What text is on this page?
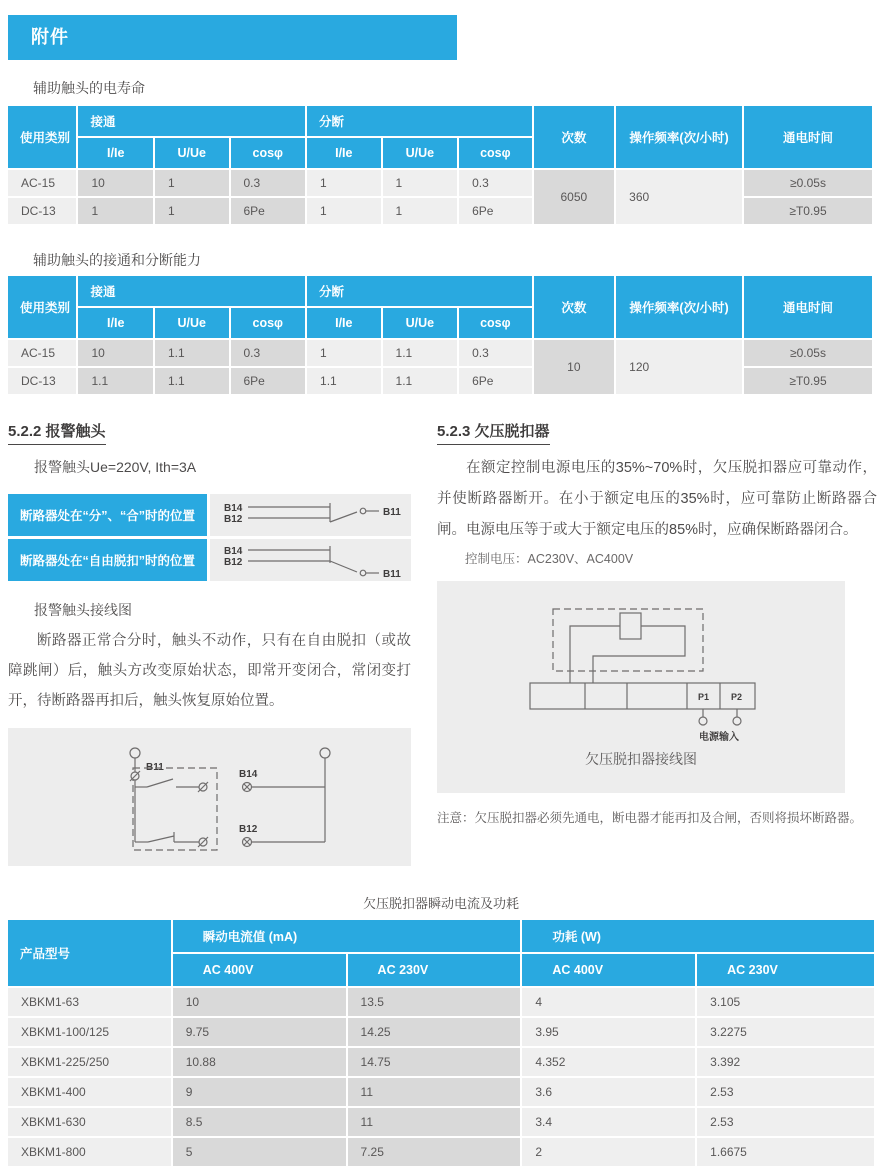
附件
辅助触头的电寿命
使用类别	接通			分断			次数	操作频率(次/小时)	通电时间
	I/Ie	U/Ue	cosφ	I/Ie	U/Ue	cosφ			
AC-15	10	1	0.3	1	1	0.3	6050	360	≥0.05s
DC-13	1	1	6Pe	1	1	6Pe			≥T0.95
辅助触头的接通和分断能力
使用类别	接通			分断			次数	操作频率(次/小时)	通电时间
	I/Ie	U/Ue	cosφ	I/Ie	U/Ue	cosφ			
AC-15	10	1.1	0.3	1	1.1	0.3	10	120	≥0.05s
DC-13	1.1	1.1	6Pe	1.1	1.1	6Pe			≥T0.95
5.2.2 报警触头
报警触头Ue=220V, Ith=3A
断路器处在“分”、“合”时的位置
B14
B12
B11
断路器处在“自由脱扣”时的位置
B14
B12
B11
报警触头接线图

断路器正常合分时，触头不动作，只有在自由脱扣（或故障跳闸）后，触头方改变原始状态，即常开变闭合，常闭变打开，待断路器再扣后，触头恢复原始位置。

B11
B14
B12
5.2.3 欠压脱扣器

在额定控制电源电压的35%~70%时，欠压脱扣器应可靠动作，并使断路器断开。在小于额定电压的35%时，应可靠防止断路器合闸。电源电压等于或大于额定电压的85%时，应确保断路器闭合。

控制电压：AC230V、AC400V
P1 P2
电源输入
欠压脱扣器接线图
注意：欠压脱扣器必须先通电，断电器才能再扣及合闸，否则将损坏断路器。
欠压脱扣器瞬动电流及功耗
产品型号	瞬动电流值 (mA)		功耗 (W)	
	AC 400V	AC 230V	AC 400V	AC 230V
XBKM1-63	10	13.5	4	3.105
XBKM1-100/125	9.75	14.25	3.95	3.2275
XBKM1-225/250	10.88	14.75	4.352	3.392
XBKM1-400	9	11	3.6	2.53
XBKM1-630	8.5	11	3.4	2.53
XBKM1-800	5	7.25	2	1.6675
